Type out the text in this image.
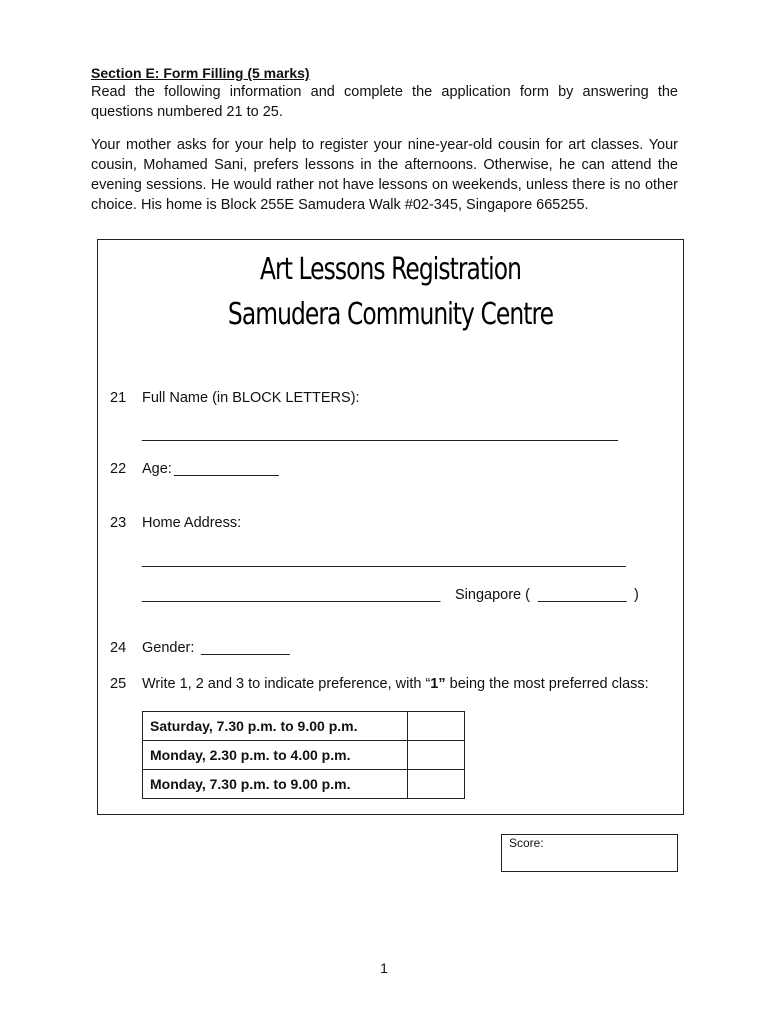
Section E: Form Filling (5 marks)
Read the following information and complete the application form by answering the questions numbered 21 to 25.
Your mother asks for your help to register your nine-year-old cousin for art classes. Your cousin, Mohamed Sani, prefers lessons in the afternoons. Otherwise, he can attend the evening sessions. He would rather not have lessons on weekends, unless there is no other choice. His home is Block 255E Samudera Walk #02-345, Singapore 665255.
Art Lessons Registration
Samudera Community Centre
21 Full Name (in BLOCK LETTERS):
___________________________________________________________
22 Age: _____________
23 Home Address:
____________________________________________________________
_____________________________________ Singapore ( ___________ )
24 Gender: ___________
25 Write 1, 2 and 3 to indicate preference, with “1” being the most preferred class:
Saturday, 7.30 p.m. to 9.00 p.m.	
Monday, 2.30 p.m. to 4.00 p.m.	
Monday, 7.30 p.m. to 9.00 p.m.	
Score:
1
